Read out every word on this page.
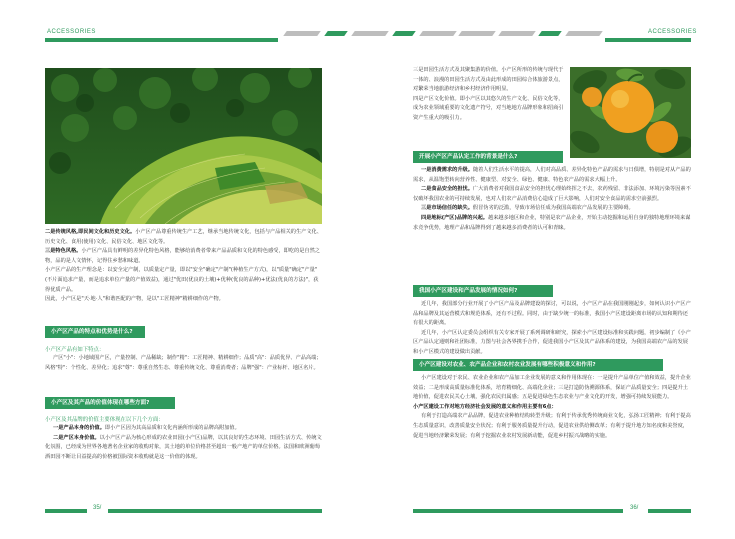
ACCESSORIES	ACCESSORIES

二是传统风格,即民间文化和历史文化。小产区产品尊重传统生产工艺，继承当地传统文化，包括与产品相关的生产文化、历史文化、食用(使用)文化、民俗文化、地区文化等。

三是特色风格。小产区产品具有鲜明的差异化特色风格，能够给消费者带来产品品质和文化的特色感受，即吃的是自然之物，品的是人文情怀，记得住乡愁和味道。

小产区产品的生产理念是：以安全定产制，以质量定产量，即以"安全"确定"产制"(种植生产方式)，以"质量"确定"产量"(不片面追求产量，而是追求单位产量的产值效益)，通过"优田(优良的土壤)+优种(优良的品种)+优法(优良的方法)"，获得优质产品。

因此，小产区是"天·地·人"和谐匹配的产物，是以"工匠精神"精耕细作的产物。

小产区产品的特点和优势是什么?
小产区产品有如下特点：
产区"小"：小地域围产区，产量控制、产品稀缺；制作"精"：工匠精神、精耕细作；品质"高"：品质优异、产品高端；风格"特"：个性化、差异化；追求"尊"：尊重自然生态、尊重传统文化、尊重消费者；品牌"强"：产业标杆、地区名片。
小产区及其产品的价值体现在哪些方面?
小产区及其品牌的价值主要体现在以下几个方面：

一是产品本身的价值。即小产区因为其高品质和文化内涵所形成的品牌高附加值。

二是产区本身价值。以小产区产品为核心形成的农业田园(小产区)品牌，以其良好的生态环境、田园生活方式、传统文化氛围，已经成为世界各地著名企业家的收购对象，其土地的单位价格甚至超出一般产地产的单位价格。法国和欧洲葡萄酒田园不断让目益提高的价格被国际资本收购就是这一价值的体现。

三是田园生活方式及其聚集游的价值。小产区所形的传统与现代于一体的、浪漫的田园生活方式及由此形成的田园综合体旅游景点，对繁荣当地旅游经济和乡村经济作用明显。

四是产区文化价值。即小产区以其悠久的生产文化、民俗文化等，成为农业领域重要的文化遗产符号，对当地地方品牌形象和招商引资产生重大的吸引力。

开展小产区产品认定工作的背景是什么?

一是消费需求的升级。随着人们生活水平的提高，人们对高品质、差异化特色产品的需求与日俱增，特别是对从产品的需求，从温饱型转向营养性、健康型、对安全、绿色、健康、特色农产品的需求大幅上升。

二是食品安全的担忧。广大消费者对我国食品安全的担忧心理始终挥之不去，农药残留、非法添加、环境污染等因素不仅破坏我国农业的可持续发展，也对人们农产品消费信心造成了巨大影响，人们对安全食品的需求空前强烈。

三是市场信任的缺失。假冒伪劣的泛滥，导致市场信任成为我国高端农产品发展的主要障碍。

四是地标(产区)品牌的兴起。越来越多地区和企业，特别是农产品企业，开始主动挖掘和运用自身的独特地理环境来谋求竞争优势，地理产品和品牌得到了越来越多消费者的认可和青睐。

我国小产区建设和产品发展的情况如何?

近几年，我国部分行业开展了小产区产品及品牌建设的探讨，可以说，小产区产品在我国刚刚起步，如何认识小产区产品和品牌及其运营模式和规范体系，还有不过程。同时，由于缺少统一的标准，我国小产区建设距离市场的认知和期待还有很大的距离。

近几年，小产区认定委员会组织有关专家开展了系列调研和研究，探索小产区建设标准和实践问题，初步编制了《小产区产品认定通则和社团标准，力图与社会各界携手合作，促进我国小产区及其产品体系的建设，为我国高端农产品的发展和小产区模式的建设做出贡献。

小产区建设对农业、农产品企业和农村农业发展有哪些积极意义和作用?

小产区建设对于农民、农业企业和农产品加工企业发展的意义和作用体现在：一是提升产品单位产值和效益，提升企业效益；二是形成高质量标准化体系，培育精细化、高端化企业；三是打造防伪溯源体系，保证产品质量安全；四是提升土地价值，促进农民关心土壤，强化农民归属感；五是促进绿色生态农业与产业文化的开发，增强可持续发展能力。

小产区建设工作对地方经济社会发展的意义和作用主要有6点：

有利于打造高端农产品品牌，促进农业种植结构转型升级；有利于传承优秀传统商业文化，弘扬工匠精神；有利于提高生态质量意识，改善质量安全状况；有利于服务质量提升行动，促进农业供给侧改革；有利于提升地方知名度和美誉度，促进当地经济繁荣发展；有利于挖掘农业农村发展新动能，促进乡村振兴战略的实施。

35/	36/
